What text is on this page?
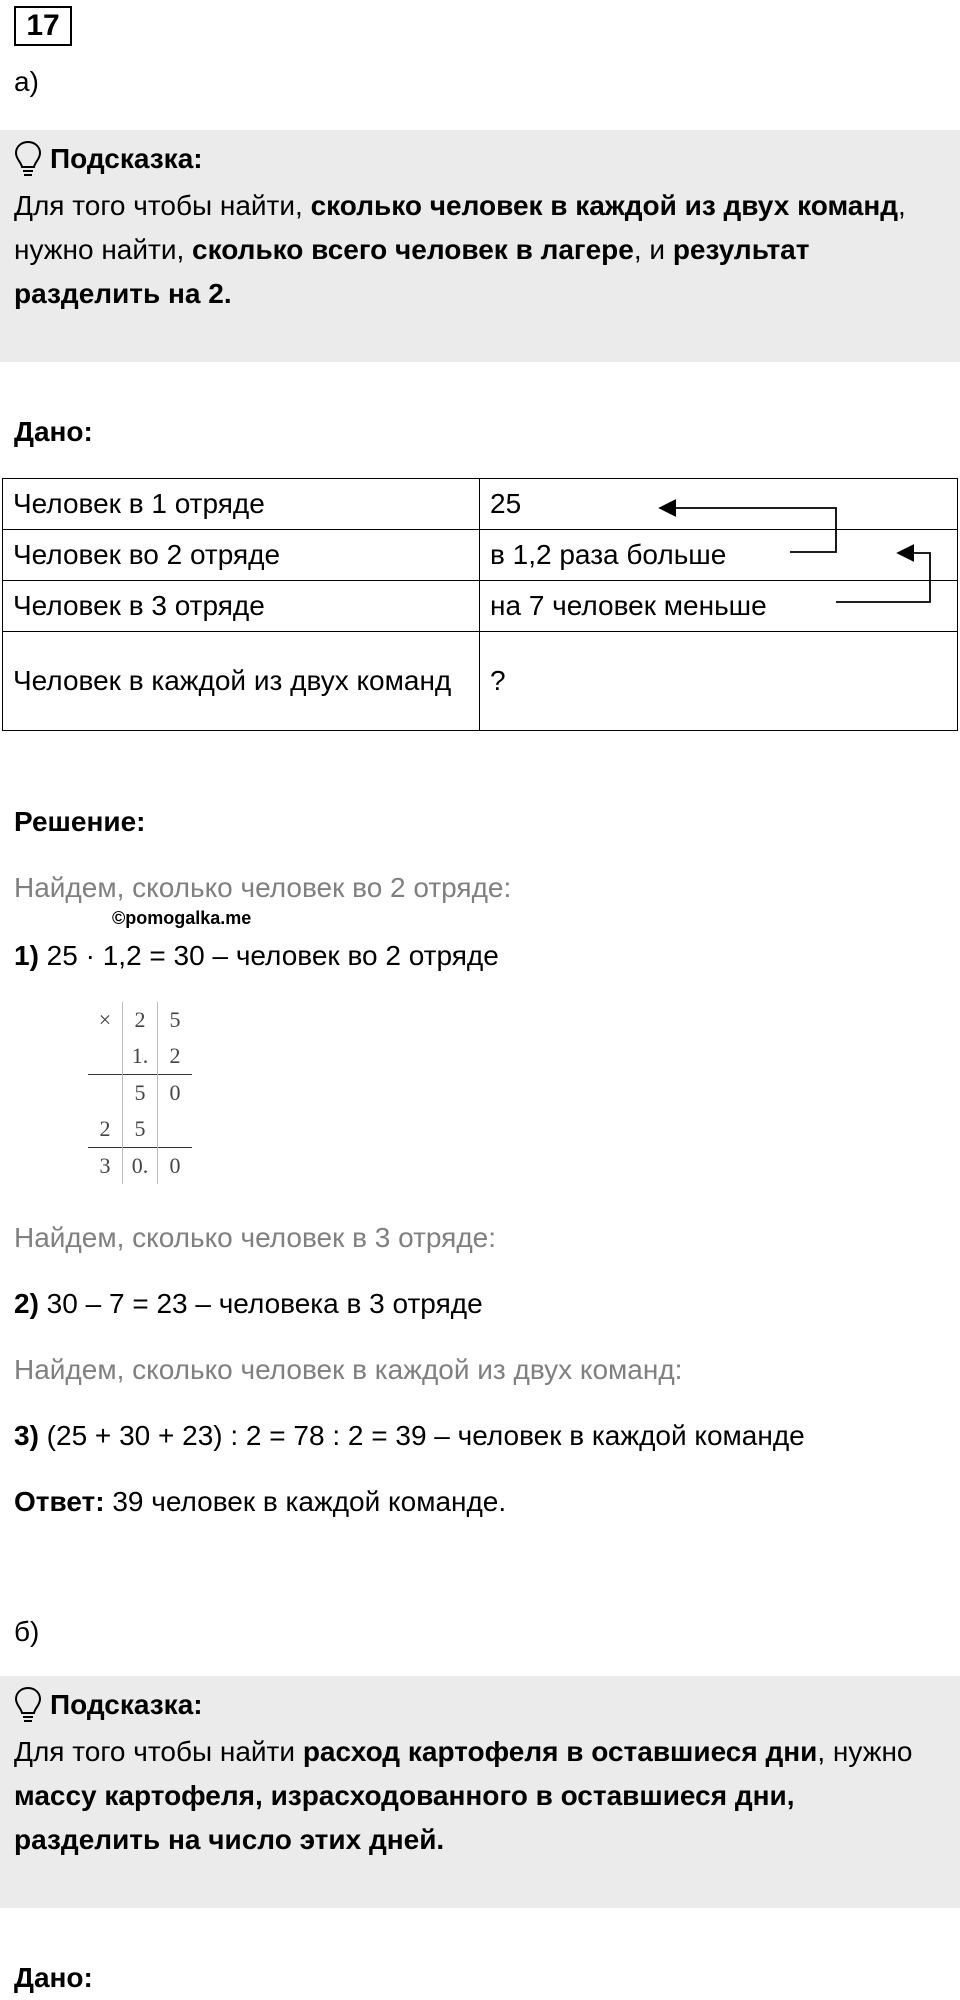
17
а)
Подсказка:
Для того чтобы найти, сколько человек в каждой из двух команд, нужно найти, сколько всего человек в лагере, и результат разделить на 2.
Дано:
Человек в 1 отряде	25
Человек во 2 отряде	в 1,2 раза больше
Человек в 3 отряде	на 7 человек меньше
Человек в каждой из двух команд	?
Решение:
Найдем, сколько человек во 2 отряде:
©pomogalka.me
1) 25 · 1,2 = 30 – человек во 2 отряде
×	2	5
	1.	2
	5	0
2	5	
3	0.	0
Найдем, сколько человек в 3 отряде:
2) 30 – 7 = 23 – человека в 3 отряде
Найдем, сколько человек в каждой из двух команд:
3) (25 + 30 + 23) : 2 = 78 : 2 = 39 – человек в каждой команде
Ответ: 39 человек в каждой команде.
б)
Подсказка:
Для того чтобы найти расход картофеля в оставшиеся дни, нужно массу картофеля, израсходованного в оставшиеся дни, разделить на число этих дней.
Дано:
